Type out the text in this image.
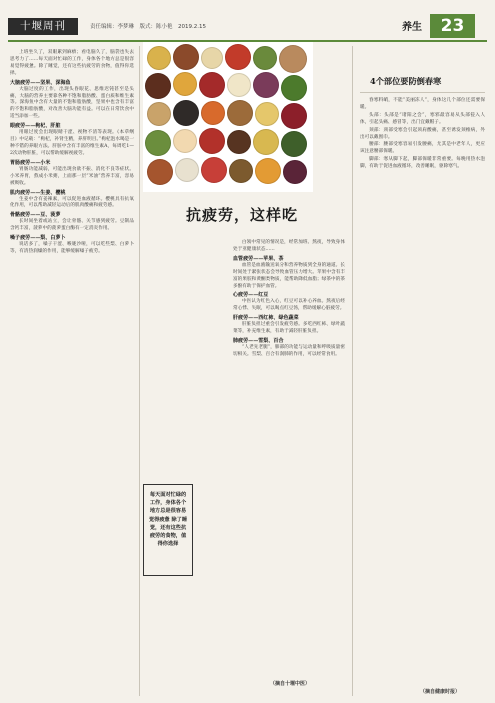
十堰周刊	责任编辑：李梦琳　版式：陈小艳　2019.2.15	养生	23
抗疲劳，这样吃

上班坐久了，双眼累到麻痹；看电脑久了，脑袋也失去思考力了……每天面对忙碌的工作，身体各个地方总是很容易觉得疲惫。除了睡觉，还有这些抗疲劳的食物，值得你选择。

大脑疲劳——坚果、深海鱼

大脑过度的工作，出现头昏眼花、思维迟钝甚至是头痛，大脑的营养主要靠各种不饱和脂肪酸、蛋白质和维生素等。深海鱼中含有大量的不饱和脂肪酸，坚果中也含有丰富的不饱和脂肪酸，对改善大脑功能有益。可以在日常饮食中适当添加一些。

眼疲劳——枸杞、肝脏

用眼过度会出现眼睛干涩、视物不清等表现。《本草纲目》中记载：“枸杞，补肾生精，养肝明目。”枸杞泡水喝是一种不错的养眼方法。肝脏中含有丰富的维生素A，每周吃1—2次动物肝脏，可以帮助缓解视疲劳。

胃肠疲劳——小米

胃肠功能减弱，可能出现食欲不振、消化不良等症状。小米养胃，熬成小米粥，上面那一层“米油”营养丰富，容易被吸收。

肌肉疲劳——生姜、樱桃

生姜中含有姜辣素，可以促进血液循环。樱桃具有抗氧化作用，可以帮助减轻运动后的肌肉酸痛和疲劳感。

骨骼疲劳——豆、菠萝

长时间坐着或站立，会让骨骼、关节感到疲劳。豆制品含钙丰富，菠萝中的菠萝蛋白酶有一定消炎作用。

嗓子疲劳——梨、白萝卜

说话多了，嗓子干涩、喉咙沙哑，可以吃些梨、白萝卜等，有清热润燥的作用，能够缓解嗓子疲劳。

每天面对忙碌的工作，身体各个地方总是很容易觉得疲惫 除了睡觉，还有这些抗疲劳的食物，值得你选择

白领中常见的情况是，经常加班、熬夜，导致身体处于亚健康状态……

血管疲劳——苹果、茶

血管是血液输送氧分和营养物质到全身的通道。长时间处于紧张状态会导致血管压力增大。苹果中含有丰富的果胶和黄酮类物质，能帮助降低血脂；绿茶中的茶多酚有助于保护血管。

心疲劳——红豆

中医认为红色入心，红豆可以补心养血。熬夜后经常心悸、失眠，可以喝点红豆汤，帮助缓解心脏疲劳。

肝疲劳——西红柿、绿色蔬菜

肝脏负担过重会引发疲劳感。多吃西红柿、绿叶蔬菜等，补充维生素，有助于减轻肝脏负担。

肺疲劳——雪梨、百合

“人老先老腿”，肺部的功能与运动量和呼吸质量密切相关。雪梨、百合有润肺的作用，可以经常食用。

（摘自十堰中医）
4个部位要防倒春寒

春寒料峭，不能“美丽冻人”，身体这几个部位还需要保暖。

头部：头部是“诸阳之会”，寒邪最容易从头部侵入人体，引起头痛、感冒等，出门宜戴帽子。

颈部：颈部受寒会引起颈肩酸痛，甚至诱发颈椎病，外出可以戴围巾。

腰部：腰部受寒容易引发腰痛，尤其是中老年人，更应该注意腰部保暖。

脚部：寒从脚下起，脚部保暖非常重要。每晚用热水泡脚，有助于促进血液循环，改善睡眠，驱除寒气。

（摘自健康时报）
